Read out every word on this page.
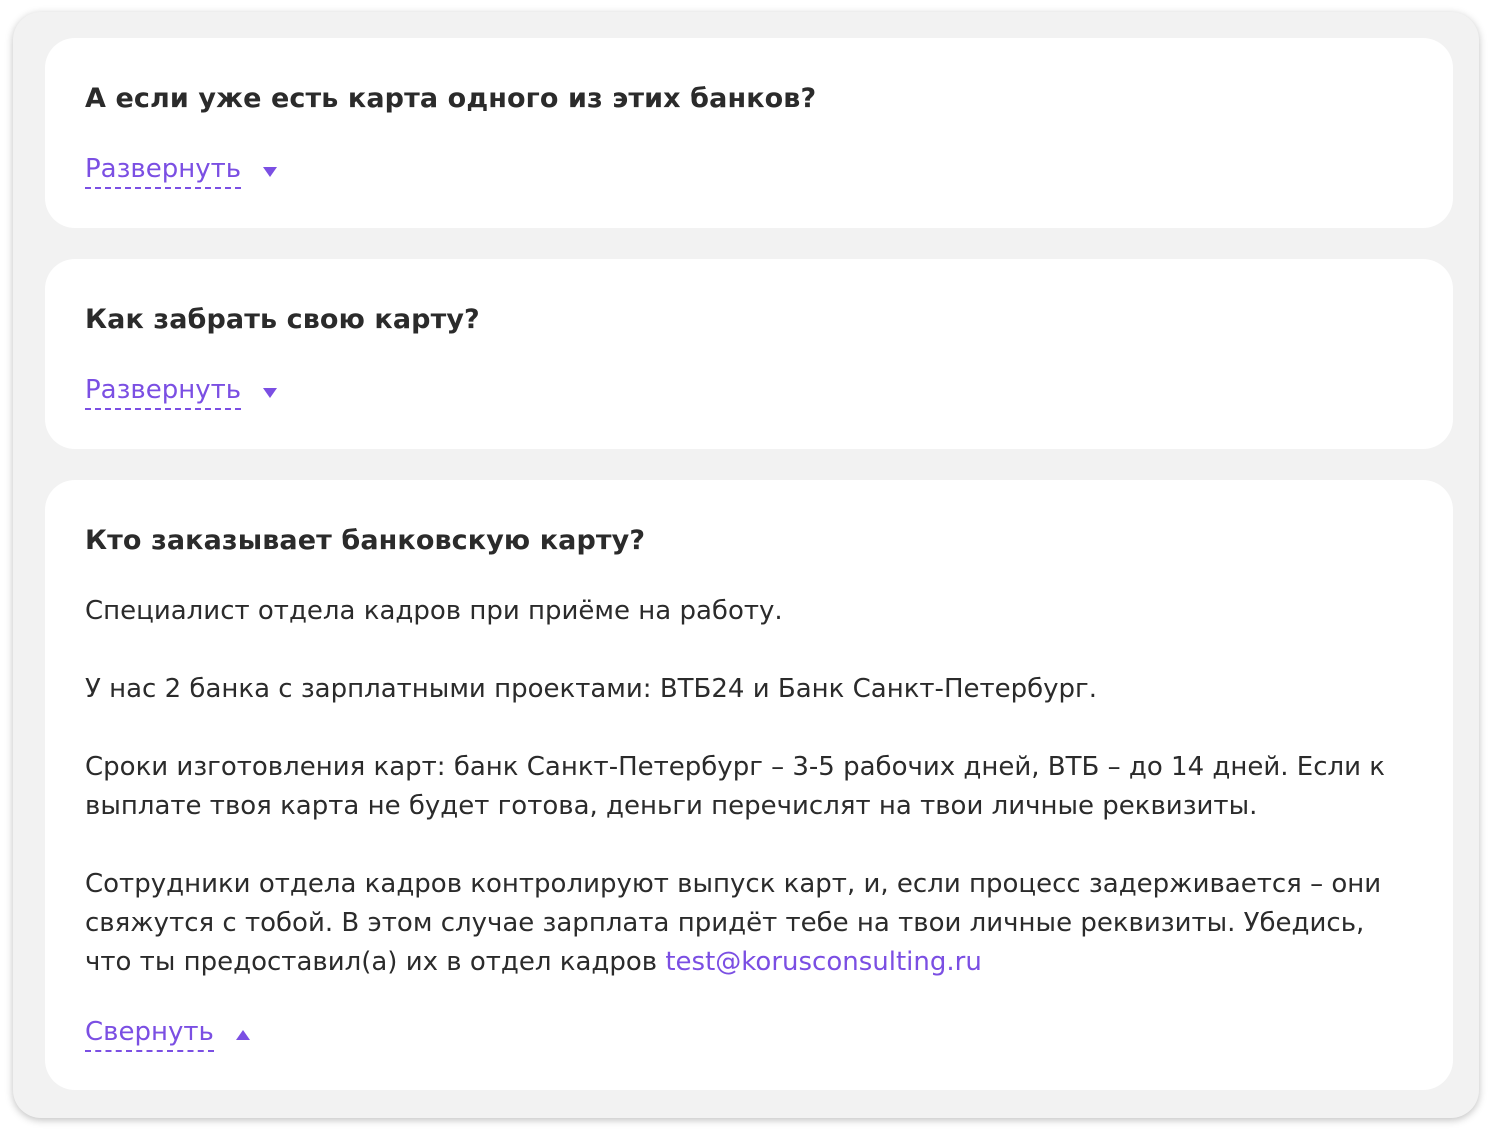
А если уже есть карта одного из этих банков?
Развернуть
Как забрать свою карту?
Развернуть
Кто заказывает банковскую карту?

Специалист отдела кадров при приёме на работу.

У нас 2 банка с зарплатными проектами: ВТБ24 и Банк Санкт-Петербург.

Сроки изготовления карт: банк Санкт-Петербург – 3-5 рабочих дней, ВТБ – до 14 дней. Если к выплате твоя карта не будет готова, деньги перечислят на твои личные реквизиты.

Сотрудники отдела кадров контролируют выпуск карт, и, если процесс задерживается – они свяжутся с тобой. В этом случае зарплата придёт тебе на твои личные реквизиты. Убедись, что ты предоставил(а) их в отдел кадров test@korusconsulting.ru

Свернуть
